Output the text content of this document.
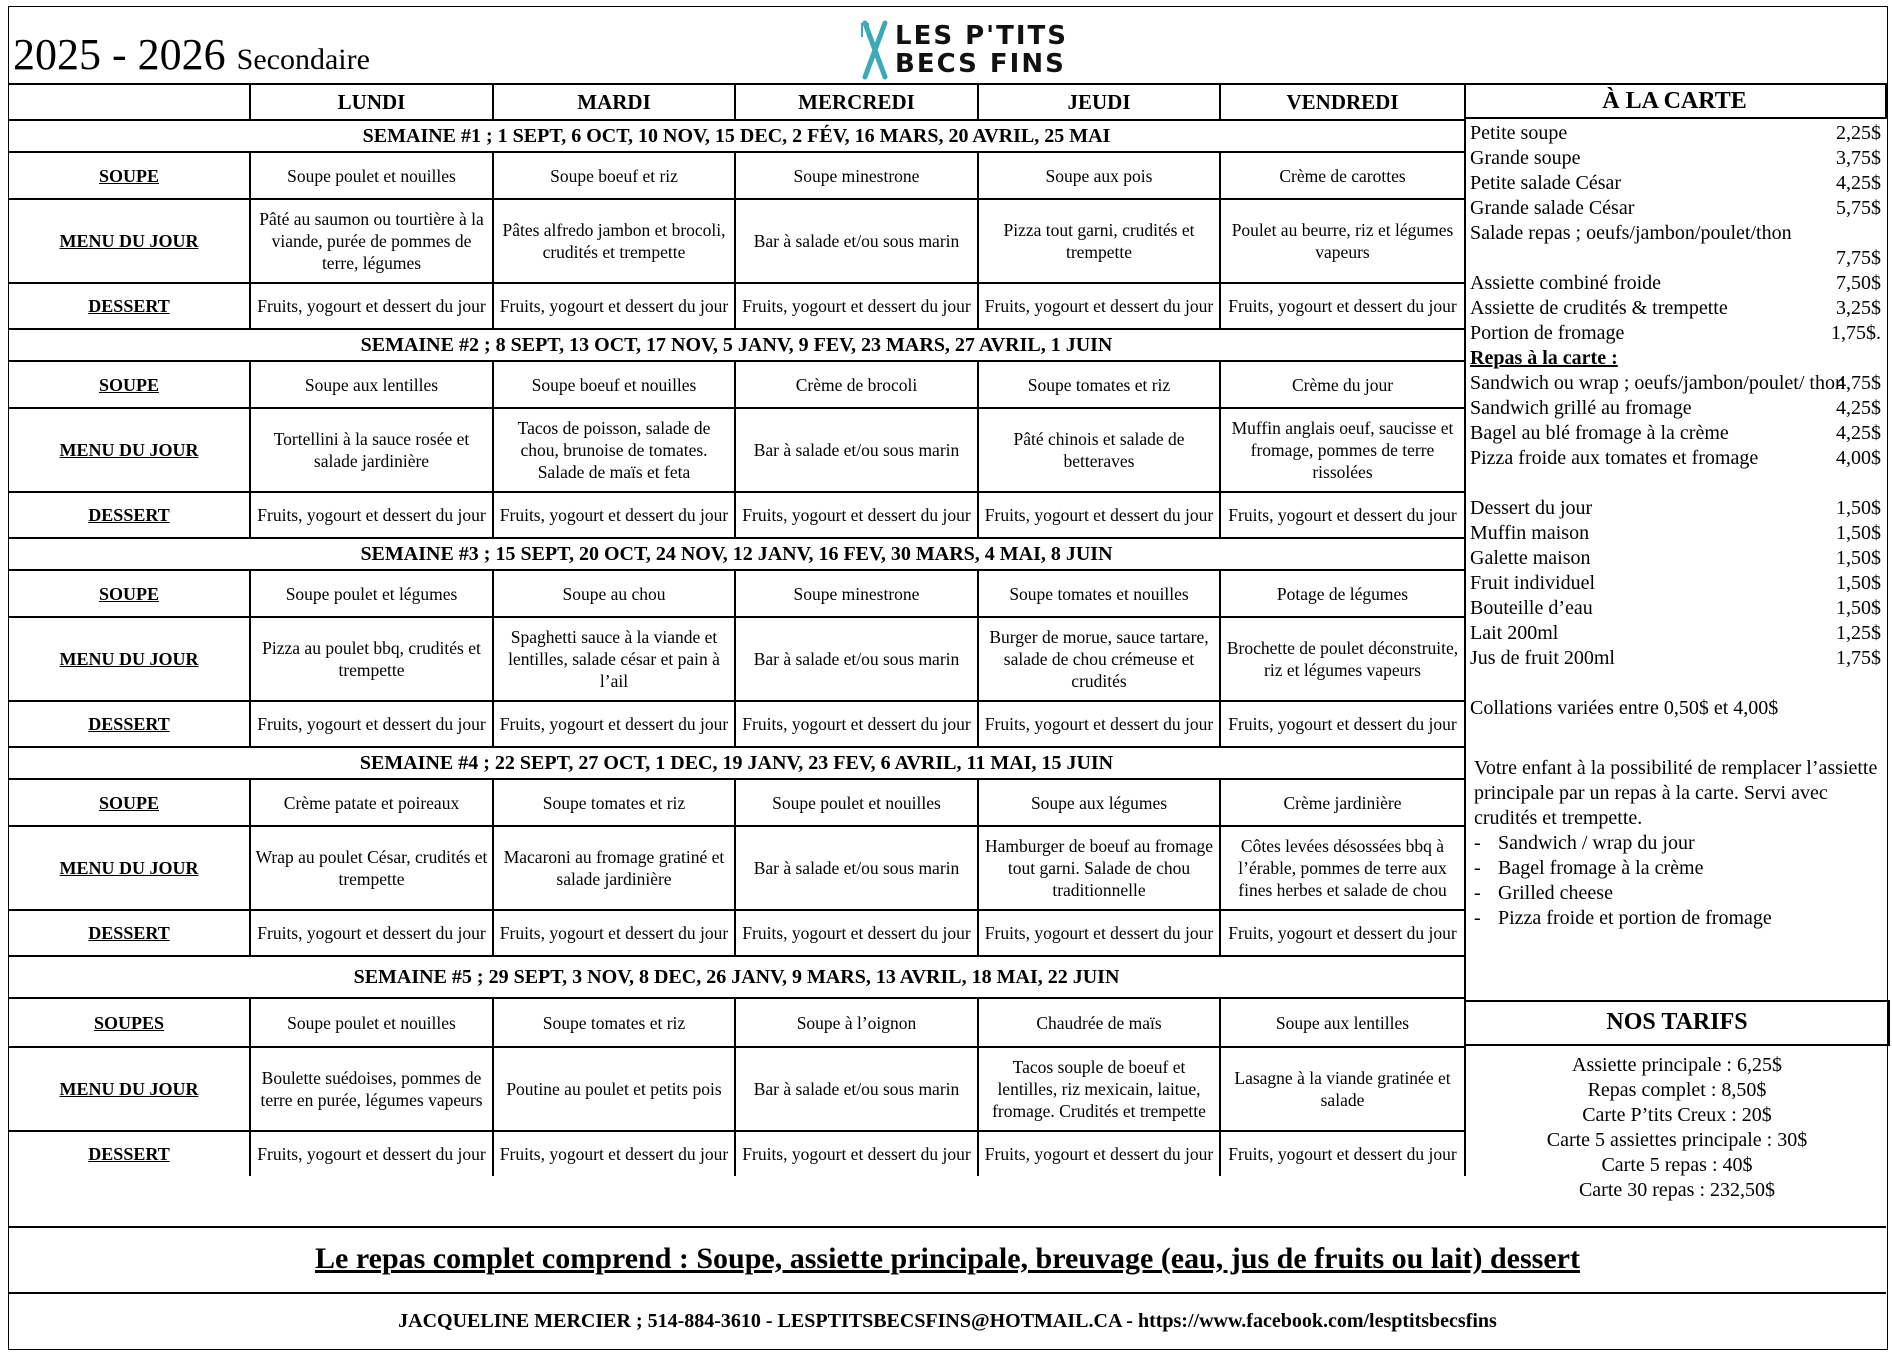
2025 - 2026 Secondaire
LES P'TITS
BECS FINS
	LUNDI	MARDI	MERCREDI	JEUDI	VENDREDI
SEMAINE #1 ; 1 SEPT, 6 OCT, 10 NOV, 15 DEC, 2 FÉV, 16 MARS, 20 AVRIL, 25 MAI					
SOUPE	Soupe poulet et nouilles	Soupe boeuf et riz	Soupe minestrone	Soupe aux pois	Crème de carottes
MENU DU JOUR	Pâté au saumon ou tourtière à la viande, purée de pommes de terre, légumes	Pâtes alfredo jambon et brocoli, crudités et trempette	Bar à salade et/ou sous marin	Pizza tout garni, crudités et trempette	Poulet au beurre, riz et légumes vapeurs
DESSERT	Fruits, yogourt et dessert du jour	Fruits, yogourt et dessert du jour	Fruits, yogourt et dessert du jour	Fruits, yogourt et dessert du jour	Fruits, yogourt et dessert du jour
SEMAINE #2 ; 8 SEPT, 13 OCT, 17 NOV, 5 JANV, 9 FEV, 23 MARS, 27 AVRIL, 1 JUIN					
SOUPE	Soupe aux lentilles	Soupe boeuf et nouilles	Crème de brocoli	Soupe tomates et riz	Crème du jour
MENU DU JOUR	Tortellini à la sauce rosée et salade jardinière	Tacos de poisson, salade de chou, brunoise de tomates. Salade de maïs et feta	Bar à salade et/ou sous marin	Pâté chinois et salade de betteraves	Muffin anglais oeuf, saucisse et fromage, pommes de terre rissolées
DESSERT	Fruits, yogourt et dessert du jour	Fruits, yogourt et dessert du jour	Fruits, yogourt et dessert du jour	Fruits, yogourt et dessert du jour	Fruits, yogourt et dessert du jour
SEMAINE #3 ; 15 SEPT, 20 OCT, 24 NOV, 12 JANV, 16 FEV, 30 MARS, 4 MAI, 8 JUIN					
SOUPE	Soupe poulet et légumes	Soupe au chou	Soupe minestrone	Soupe tomates et nouilles	Potage de légumes
MENU DU JOUR	Pizza au poulet bbq, crudités et trempette	Spaghetti sauce à la viande et lentilles, salade césar et pain à l’ail	Bar à salade et/ou sous marin	Burger de morue, sauce tartare, salade de chou crémeuse et crudités	Brochette de poulet déconstruite, riz et légumes vapeurs
DESSERT	Fruits, yogourt et dessert du jour	Fruits, yogourt et dessert du jour	Fruits, yogourt et dessert du jour	Fruits, yogourt et dessert du jour	Fruits, yogourt et dessert du jour
SEMAINE #4 ; 22 SEPT, 27 OCT, 1 DEC, 19 JANV, 23 FEV, 6 AVRIL, 11 MAI, 15 JUIN					
SOUPE	Crème patate et poireaux	Soupe tomates et riz	Soupe poulet et nouilles	Soupe aux légumes	Crème jardinière
MENU DU JOUR	Wrap au poulet César, crudités et trempette	Macaroni au fromage gratiné et salade jardinière	Bar à salade et/ou sous marin	Hamburger de boeuf au fromage tout garni. Salade de chou traditionnelle	Côtes levées désossées bbq à l’érable, pommes de terre aux fines herbes et salade de chou
DESSERT	Fruits, yogourt et dessert du jour	Fruits, yogourt et dessert du jour	Fruits, yogourt et dessert du jour	Fruits, yogourt et dessert du jour	Fruits, yogourt et dessert du jour
SEMAINE #5 ; 29 SEPT, 3 NOV, 8 DEC, 26 JANV, 9 MARS, 13 AVRIL, 18 MAI, 22 JUIN					
SOUPES	Soupe poulet et nouilles	Soupe tomates et riz	Soupe à l’oignon	Chaudrée de maïs	Soupe aux lentilles
MENU DU JOUR	Boulette suédoises, pommes de terre en purée, légumes vapeurs	Poutine au poulet et petits pois	Bar à salade et/ou sous marin	Tacos souple de boeuf et lentilles, riz mexicain, laitue, fromage. Crudités et trempette	Lasagne à la viande gratinée et salade
DESSERT	Fruits, yogourt et dessert du jour	Fruits, yogourt et dessert du jour	Fruits, yogourt et dessert du jour	Fruits, yogourt et dessert du jour	Fruits, yogourt et dessert du jour
À LA CARTE
Petite soupe	2,25$
Grande soupe	3,75$
Petite salade César	4,25$
Grande salade César	5,75$
Salade repas ; oeufs/jambon/poulet/thon
7,75$
Assiette combiné froide	7,50$
Assiette de crudités & trempette	3,25$
Portion de fromage	1,75$.
Repas à la carte :
Sandwich ou wrap ; oeufs/jambon/poulet/ thon
4,75$
Sandwich grillé au fromage	4,25$
Bagel au blé fromage à la crème	4,25$
Pizza froide aux tomates et fromage	4,00$
Dessert du jour	1,50$
Muffin maison	1,50$
Galette maison	1,50$
Fruit individuel	1,50$
Bouteille d’eau	1,50$
Lait 200ml	1,25$
Jus de fruit 200ml	1,75$
Collations variées entre 0,50$ et 4,00$
Votre enfant à la possibilité de remplacer l’assiette principale par un repas à la carte. Servi avec crudités et trempette.
- Sandwich / wrap du jour
- Bagel fromage à la crème
- Grilled cheese
- Pizza froide et portion de fromage
NOS TARIFS
Assiette principale : 6,25$
Repas complet : 8,50$
Carte P’tits Creux : 20$
Carte 5 assiettes principale : 30$
Carte 5 repas : 40$
Carte 30 repas : 232,50$
Le repas complet comprend : Soupe, assiette principale, breuvage (eau, jus de fruits ou lait) dessert
JACQUELINE MERCIER ; 514-884-3610 - LESPTITSBECSFINS@HOTMAIL.CA - https://www.facebook.com/lesptitsbecsfins
